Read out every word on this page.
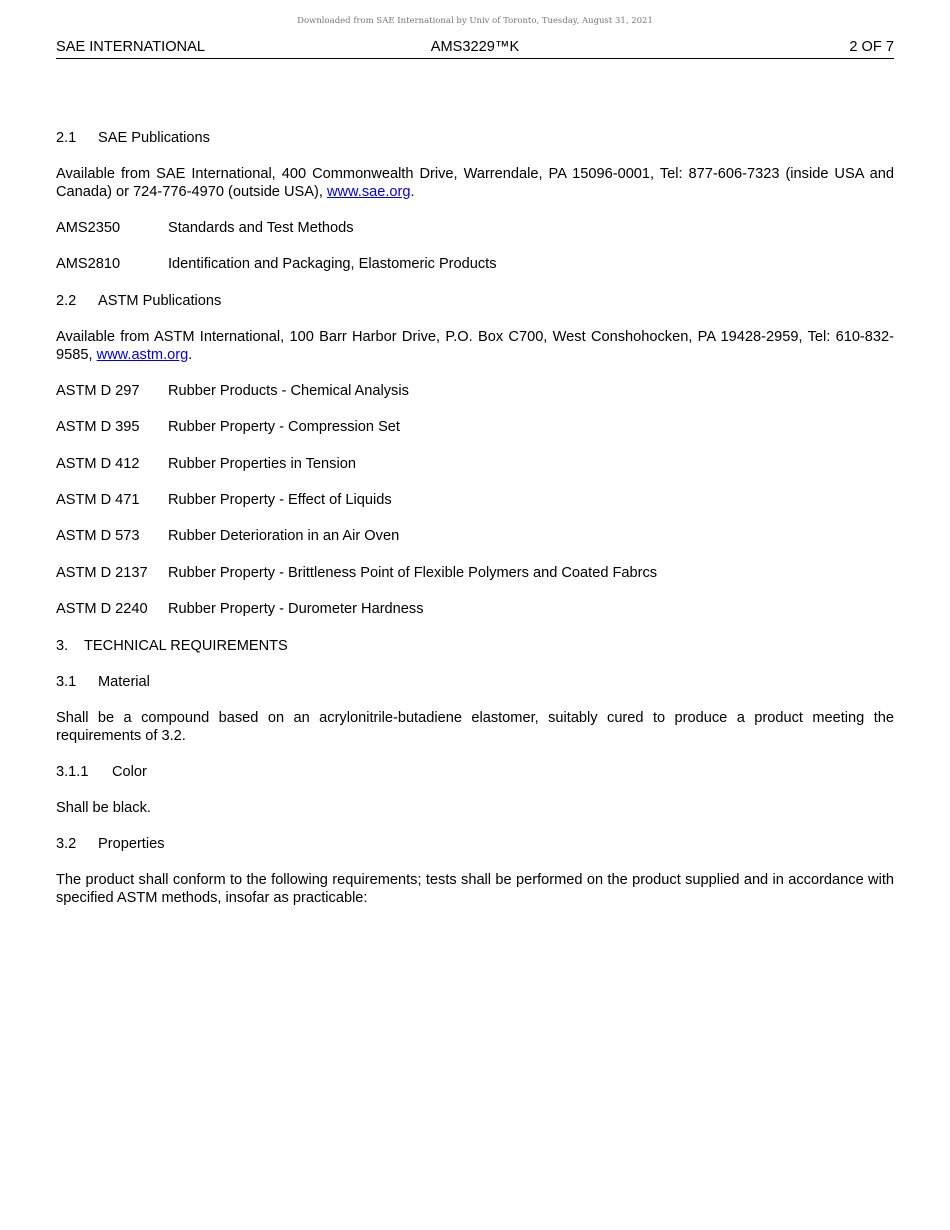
Downloaded from SAE International by Univ of Toronto, Tuesday, August 31, 2021
SAE INTERNATIONAL	AMS3229™K	2 OF 7

2.1 SAE Publications

Available from SAE International, 400 Commonwealth Drive, Warrendale, PA 15096-0001, Tel: 877-606-7323 (inside USA and Canada) or 724-776-4970 (outside USA), www.sae.org.

AMS2350	Standards and Test Methods

AMS2810	Identification and Packaging, Elastomeric Products

2.2 ASTM Publications

Available from ASTM International, 100 Barr Harbor Drive, P.O. Box C700, West Conshohocken, PA 19428-2959, Tel: 610-832-9585, www.astm.org.

ASTM D 297 Rubber Products - Chemical Analysis

ASTM D 395 Rubber Property - Compression Set

ASTM D 412 Rubber Properties in Tension

ASTM D 471 Rubber Property - Effect of Liquids

ASTM D 573 Rubber Deterioration in an Air Oven

ASTM D 2137 Rubber Property - Brittleness Point of Flexible Polymers and Coated Fabrcs

ASTM D 2240 Rubber Property - Durometer Hardness

3. TECHNICAL REQUIREMENTS

3.1 Material

Shall be a compound based on an acrylonitrile-butadiene elastomer, suitably cured to produce a product meeting the requirements of 3.2.

3.1.1 Color

Shall be black.

3.2 Properties

The product shall conform to the following requirements; tests shall be performed on the product supplied and in accordance with specified ASTM methods, insofar as practicable:
